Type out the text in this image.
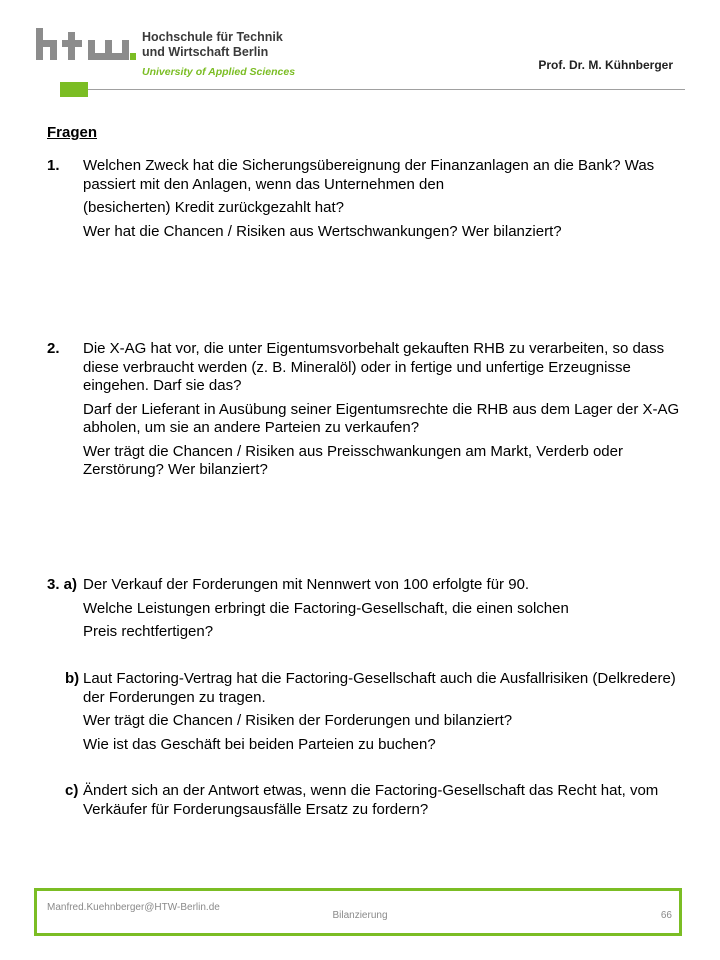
Hochschule für Technik
und Wirtschaft Berlin
University of Applied Sciences	Prof. Dr. M. Kühnberger
Fragen
1. Welchen Zweck hat die Sicherungsübereignung der Finanzanlagen an die Bank? Was passiert mit den Anlagen, wenn das Unternehmen den

(besicherten) Kredit zurückgezahlt hat?

Wer hat die Chancen / Risiken aus Wertschwankungen? Wer bilanziert?

2. Die X-AG hat vor, die unter Eigentumsvorbehalt gekauften RHB zu verarbeiten, so dass diese verbraucht werden (z. B. Mineralöl) oder in fertige und unfertige Erzeugnisse eingehen. Darf sie das?

Darf der Lieferant in Ausübung seiner Eigentumsrechte die RHB aus dem Lager der X-AG abholen, um sie an andere Parteien zu verkaufen?

Wer trägt die Chancen / Risiken aus Preisschwankungen am Markt, Verderb oder Zerstörung? Wer bilanziert?

3. a) Der Verkauf der Forderungen mit Nennwert von 100 erfolgte für 90.

Welche Leistungen erbringt die Factoring-Gesellschaft, die einen solchen

Preis rechtfertigen?

b) Laut Factoring-Vertrag hat die Factoring-Gesellschaft auch die Ausfallrisiken (Delkredere) der Forderungen zu tragen.

Wer trägt die Chancen / Risiken der Forderungen und bilanziert?

Wie ist das Geschäft bei beiden Parteien zu buchen?

c) Ändert sich an der Antwort etwas, wenn die Factoring-Gesellschaft das Recht hat, vom Verkäufer für Forderungsausfälle Ersatz zu fordern?

Manfred.Kuehnberger@HTW-Berlin.de
Bilanzierung	66
